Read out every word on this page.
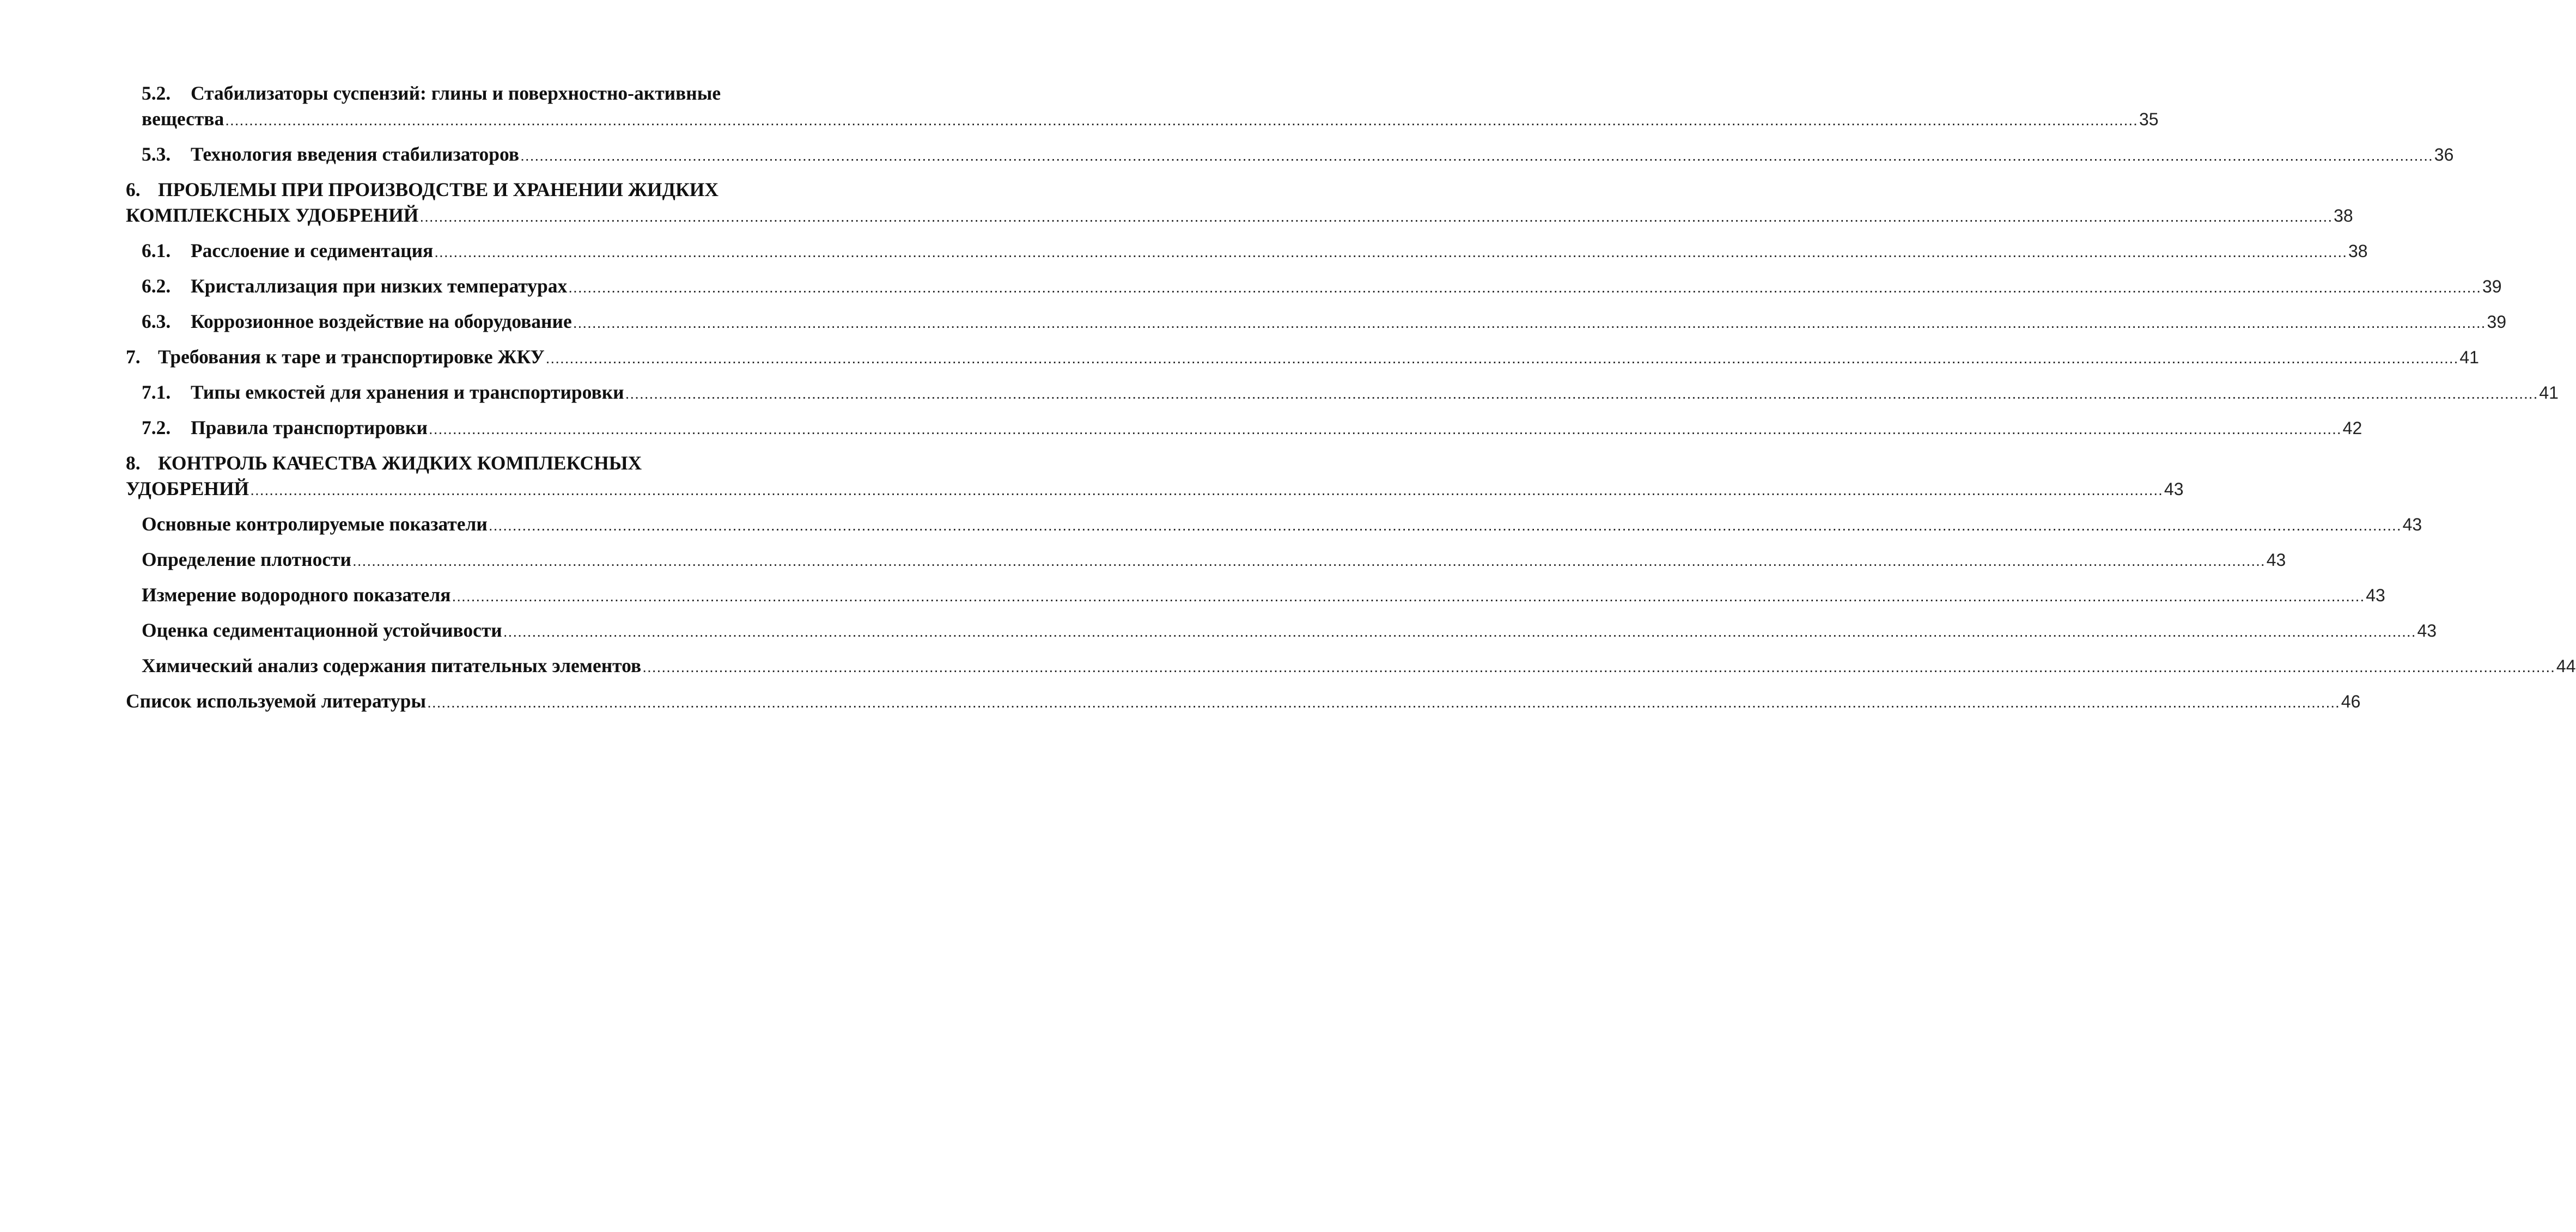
5.2.	Стабилизаторы суспензий: глины и поверхностно-активные
вещества ................................................................................................................................................................................................................................................................................................................................................................................................................ 35
5.3.	Технология введения стабилизаторов ................................................................................................................................................................................................................................................................................................................................................................................................................ 36
6. ПРОБЛЕМЫ ПРИ ПРОИЗВОДСТВЕ И ХРАНЕНИИ ЖИДКИХ
КОМПЛЕКСНЫХ УДОБРЕНИЙ ................................................................................................................................................................................................................................................................................................................................................................................................................ 38
6.1.	Расслоение и седиментация ................................................................................................................................................................................................................................................................................................................................................................................................................ 38
6.2.	Кристаллизация при низких температурах ................................................................................................................................................................................................................................................................................................................................................................................................................ 39
6.3.	Коррозионное воздействие на оборудование ................................................................................................................................................................................................................................................................................................................................................................................................................ 39
7. Требования к таре и транспортировке ЖКУ ................................................................................................................................................................................................................................................................................................................................................................................................................ 41
7.1.	Типы емкостей для хранения и транспортировки ................................................................................................................................................................................................................................................................................................................................................................................................................ 41
7.2.	Правила транспортировки ................................................................................................................................................................................................................................................................................................................................................................................................................ 42
8. КОНТРОЛЬ КАЧЕСТВА ЖИДКИХ КОМПЛЕКСНЫХ
УДОБРЕНИЙ ................................................................................................................................................................................................................................................................................................................................................................................................................ 43
Основные контролируемые показатели ................................................................................................................................................................................................................................................................................................................................................................................................................ 43
Определение плотности ................................................................................................................................................................................................................................................................................................................................................................................................................ 43
Измерение водородного показателя ................................................................................................................................................................................................................................................................................................................................................................................................................ 43
Оценка седиментационной устойчивости ................................................................................................................................................................................................................................................................................................................................................................................................................ 43
Химический анализ содержания питательных элементов ................................................................................................................................................................................................................................................................................................................................................................................................................ 44
Список используемой литературы ................................................................................................................................................................................................................................................................................................................................................................................................................ 46
